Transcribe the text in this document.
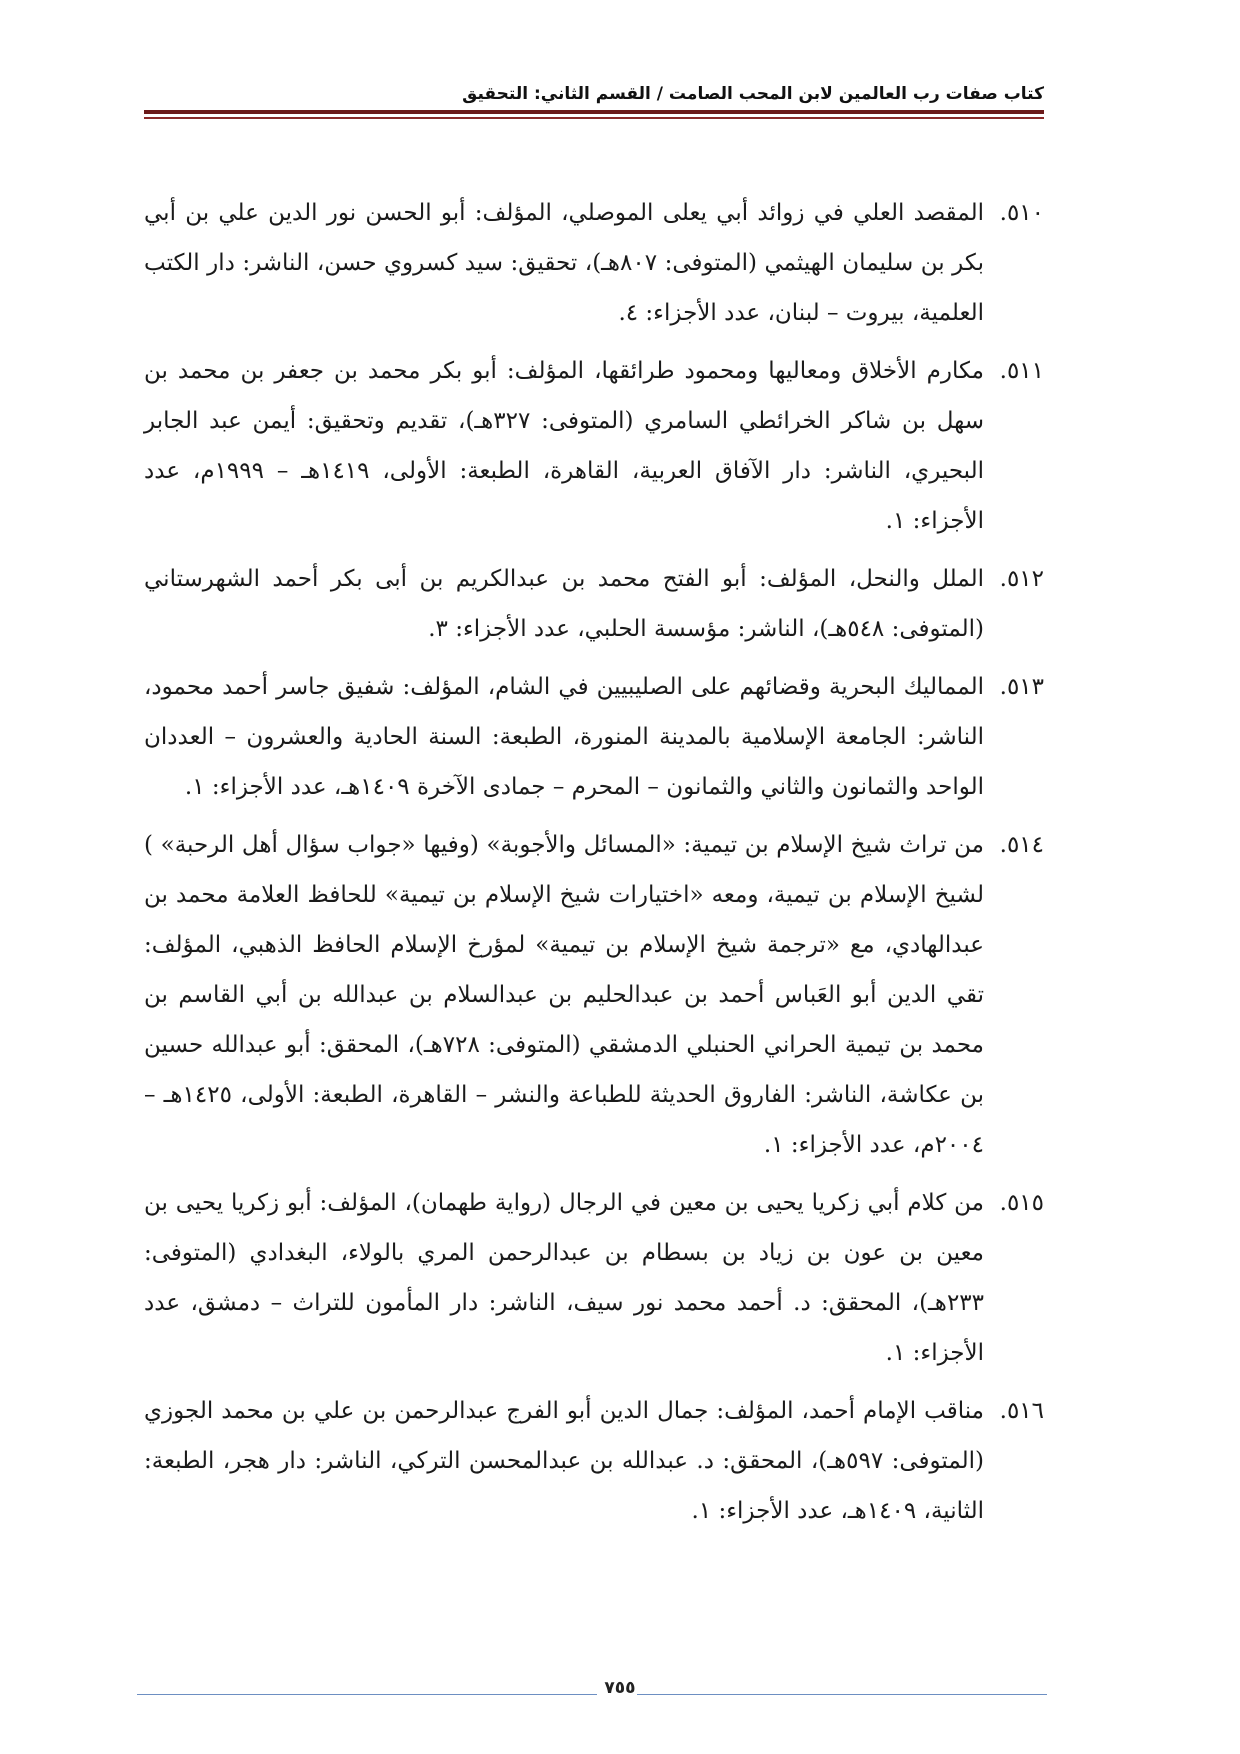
كتاب صفات رب العالمين لابن المحب الصامت / القسم الثاني: التحقيق
٥١٠.
المقصد العلي في زوائد أبي يعلى الموصلي، المؤلف: أبو الحسن نور الدين علي بن أبي بكر بن سليمان الهيثمي (المتوفى: ٨٠٧هـ)، تحقيق: سيد كسروي حسن، الناشر: دار الكتب العلمية، بيروت – لبنان، عدد الأجزاء: ٤.
٥١١.
مكارم الأخلاق ومعاليها ومحمود طرائقها، المؤلف: أبو بكر محمد بن جعفر بن محمد بن سهل بن شاكر الخرائطي السامري (المتوفى: ٣٢٧هـ)، تقديم وتحقيق: أيمن عبد الجابر البحيري، الناشر: دار الآفاق العربية، القاهرة، الطبعة: الأولى، ١٤١٩هـ – ١٩٩٩م، عدد الأجزاء: ١.
٥١٢.
الملل والنحل، المؤلف: أبو الفتح محمد بن عبدالكريم بن أبى بكر أحمد الشهرستاني (المتوفى: ٥٤٨هـ)، الناشر: مؤسسة الحلبي، عدد الأجزاء: ٣.
٥١٣.
المماليك البحرية وقضائهم على الصليبيين في الشام، المؤلف: شفيق جاسر أحمد محمود، الناشر: الجامعة الإسلامية بالمدينة المنورة، الطبعة: السنة الحادية والعشرون – العددان الواحد والثمانون والثاني والثمانون – المحرم – جمادى الآخرة ١٤٠٩هـ، عدد الأجزاء: ١.
٥١٤.
من تراث شيخ الإسلام بن تيمية: «المسائل والأجوبة» (وفيها «جواب سؤال أهل الرحبة» ) لشيخ الإسلام بن تيمية، ومعه «اختيارات شيخ الإسلام بن تيمية» للحافظ العلامة محمد بن عبدالهادي، مع «ترجمة شيخ الإسلام بن تيمية» لمؤرخ الإسلام الحافظ الذهبي، المؤلف: تقي الدين أبو العَباس أحمد بن عبدالحليم بن عبدالسلام بن عبدالله بن أبي القاسم بن محمد بن تيمية الحراني الحنبلي الدمشقي (المتوفى: ٧٢٨هـ)، المحقق: أبو عبدالله حسين بن عكاشة، الناشر: الفاروق الحديثة للطباعة والنشر – القاهرة، الطبعة: الأولى، ١٤٢٥هـ – ٢٠٠٤م، عدد الأجزاء: ١.
٥١٥.
من كلام أبي زكريا يحيى بن معين في الرجال (رواية طهمان)، المؤلف: أبو زكريا يحيى بن معين بن عون بن زياد بن بسطام بن عبدالرحمن المري بالولاء، البغدادي (المتوفى: ٢٣٣هـ)، المحقق: د. أحمد محمد نور سيف، الناشر: دار المأمون للتراث – دمشق، عدد الأجزاء: ١.
٥١٦.
مناقب الإمام أحمد، المؤلف: جمال الدين أبو الفرج عبدالرحمن بن علي بن محمد الجوزي (المتوفى: ٥٩٧هـ)، المحقق: د. عبدالله بن عبدالمحسن التركي، الناشر: دار هجر، الطبعة: الثانية، ١٤٠٩هـ، عدد الأجزاء: ١.
٧٥٥
